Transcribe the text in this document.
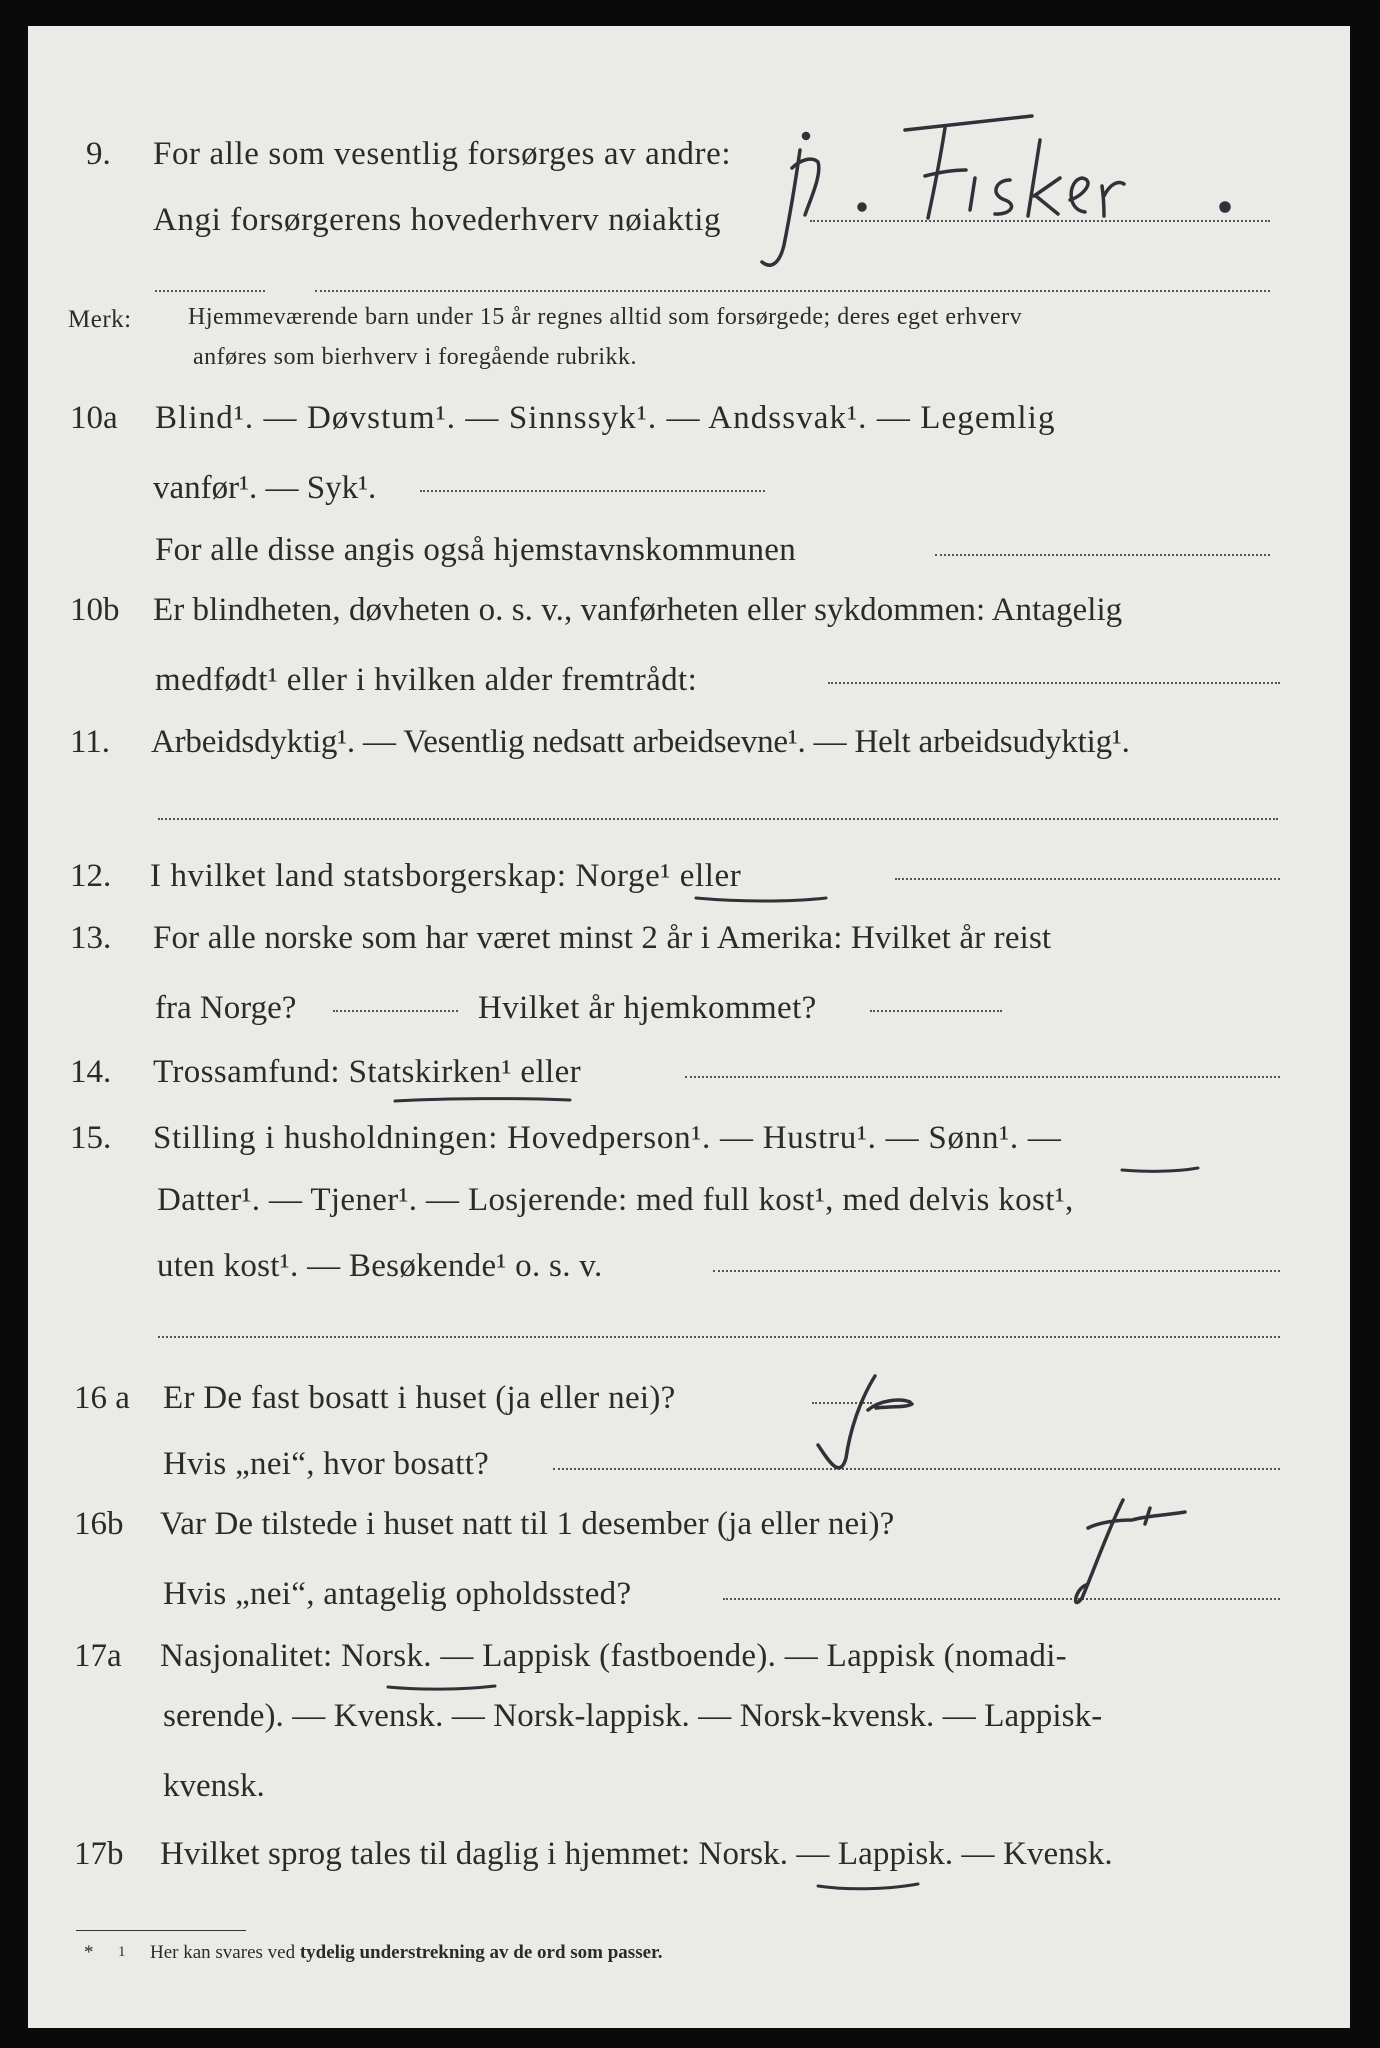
9. For alle som vesentlig forsørges av andre:
Angi forsørgerens hovederhverv nøiaktig
Merk: Hjemmeværende barn under 15 år regnes alltid som forsørgede; deres eget erhverv
anføres som bierhverv i foregående rubrikk.
10a Blind¹. — Døvstum¹. — Sinnssyk¹. — Andssvak¹. — Legemlig
vanfør¹. — Syk¹.
For alle disse angis også hjemstavnskommunen
10b Er blindheten, døvheten o. s. v., vanførheten eller sykdommen: Antagelig
medfødt¹ eller i hvilken alder fremtrådt:
11. Arbeidsdyktig¹. — Vesentlig nedsatt arbeidsevne¹. — Helt arbeidsudyktig¹.
12. I hvilket land statsborgerskap: Norge¹ eller
13. For alle norske som har været minst 2 år i Amerika: Hvilket år reist
fra Norge?	Hvilket år hjemkommet?
14. Trossamfund: Statskirken¹ eller
15. Stilling i husholdningen: Hovedperson¹. — Hustru¹. — Sønn¹. —
Datter¹. — Tjener¹. — Losjerende: med full kost¹, med delvis kost¹,
uten kost¹. — Besøkende¹ o. s. v.
16 a Er De fast bosatt i huset (ja eller nei)?
Hvis „nei“, hvor bosatt?
16b Var De tilstede i huset natt til 1 desember (ja eller nei)?
Hvis „nei“, antagelig opholdssted?
17a Nasjonalitet: Norsk. — Lappisk (fastboende). — Lappisk (nomadi-
serende). — Kvensk. — Norsk-lappisk. — Norsk-kvensk. — Lappisk-
kvensk.
17b Hvilket sprog tales til daglig i hjemmet: Norsk. — Lappisk. — Kvensk.
* 1 Her kan svares ved tydelig understrekning av de ord som passer.
